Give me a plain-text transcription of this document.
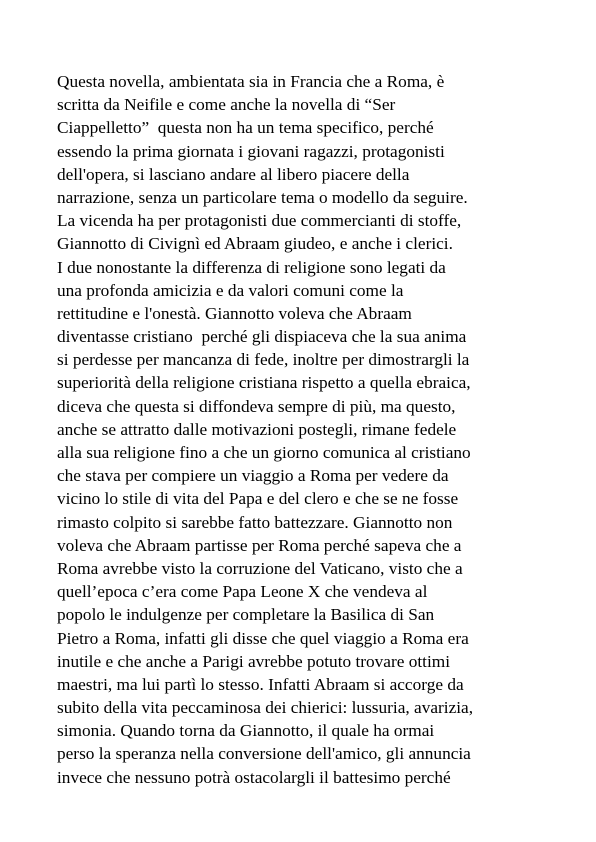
Questa novella, ambientata sia in Francia che a Roma, è
scritta da Neifile e come anche la novella di “Ser
Ciappelletto”  questa non ha un tema specifico, perché
essendo la prima giornata i giovani ragazzi, protagonisti
dell'opera, si lasciano andare al libero piacere della
narrazione, senza un particolare tema o modello da seguire.
La vicenda ha per protagonisti due commercianti di stoffe,
Giannotto di Civignì ed Abraam giudeo, e anche i clerici.
I due nonostante la differenza di religione sono legati da
una profonda amicizia e da valori comuni come la
rettitudine e l'onestà. Giannotto voleva che Abraam
diventasse cristiano  perché gli dispiaceva che la sua anima
si perdesse per mancanza di fede, inoltre per dimostrargli la
superiorità della religione cristiana rispetto a quella ebraica,
diceva che questa si diffondeva sempre di più, ma questo,
anche se attratto dalle motivazioni postegli, rimane fedele
alla sua religione fino a che un giorno comunica al cristiano
che stava per compiere un viaggio a Roma per vedere da
vicino lo stile di vita del Papa e del clero e che se ne fosse
rimasto colpito si sarebbe fatto battezzare. Giannotto non
voleva che Abraam partisse per Roma perché sapeva che a
Roma avrebbe visto la corruzione del Vaticano, visto che a
quell’epoca c’era come Papa Leone X che vendeva al
popolo le indulgenze per completare la Basilica di San
Pietro a Roma, infatti gli disse che quel viaggio a Roma era
inutile e che anche a Parigi avrebbe potuto trovare ottimi
maestri, ma lui partì lo stesso. Infatti Abraam si accorge da
subito della vita peccaminosa dei chierici: lussuria, avarizia,
simonia. Quando torna da Giannotto, il quale ha ormai
perso la speranza nella conversione dell'amico, gli annuncia
invece che nessuno potrà ostacolargli il battesimo perché
